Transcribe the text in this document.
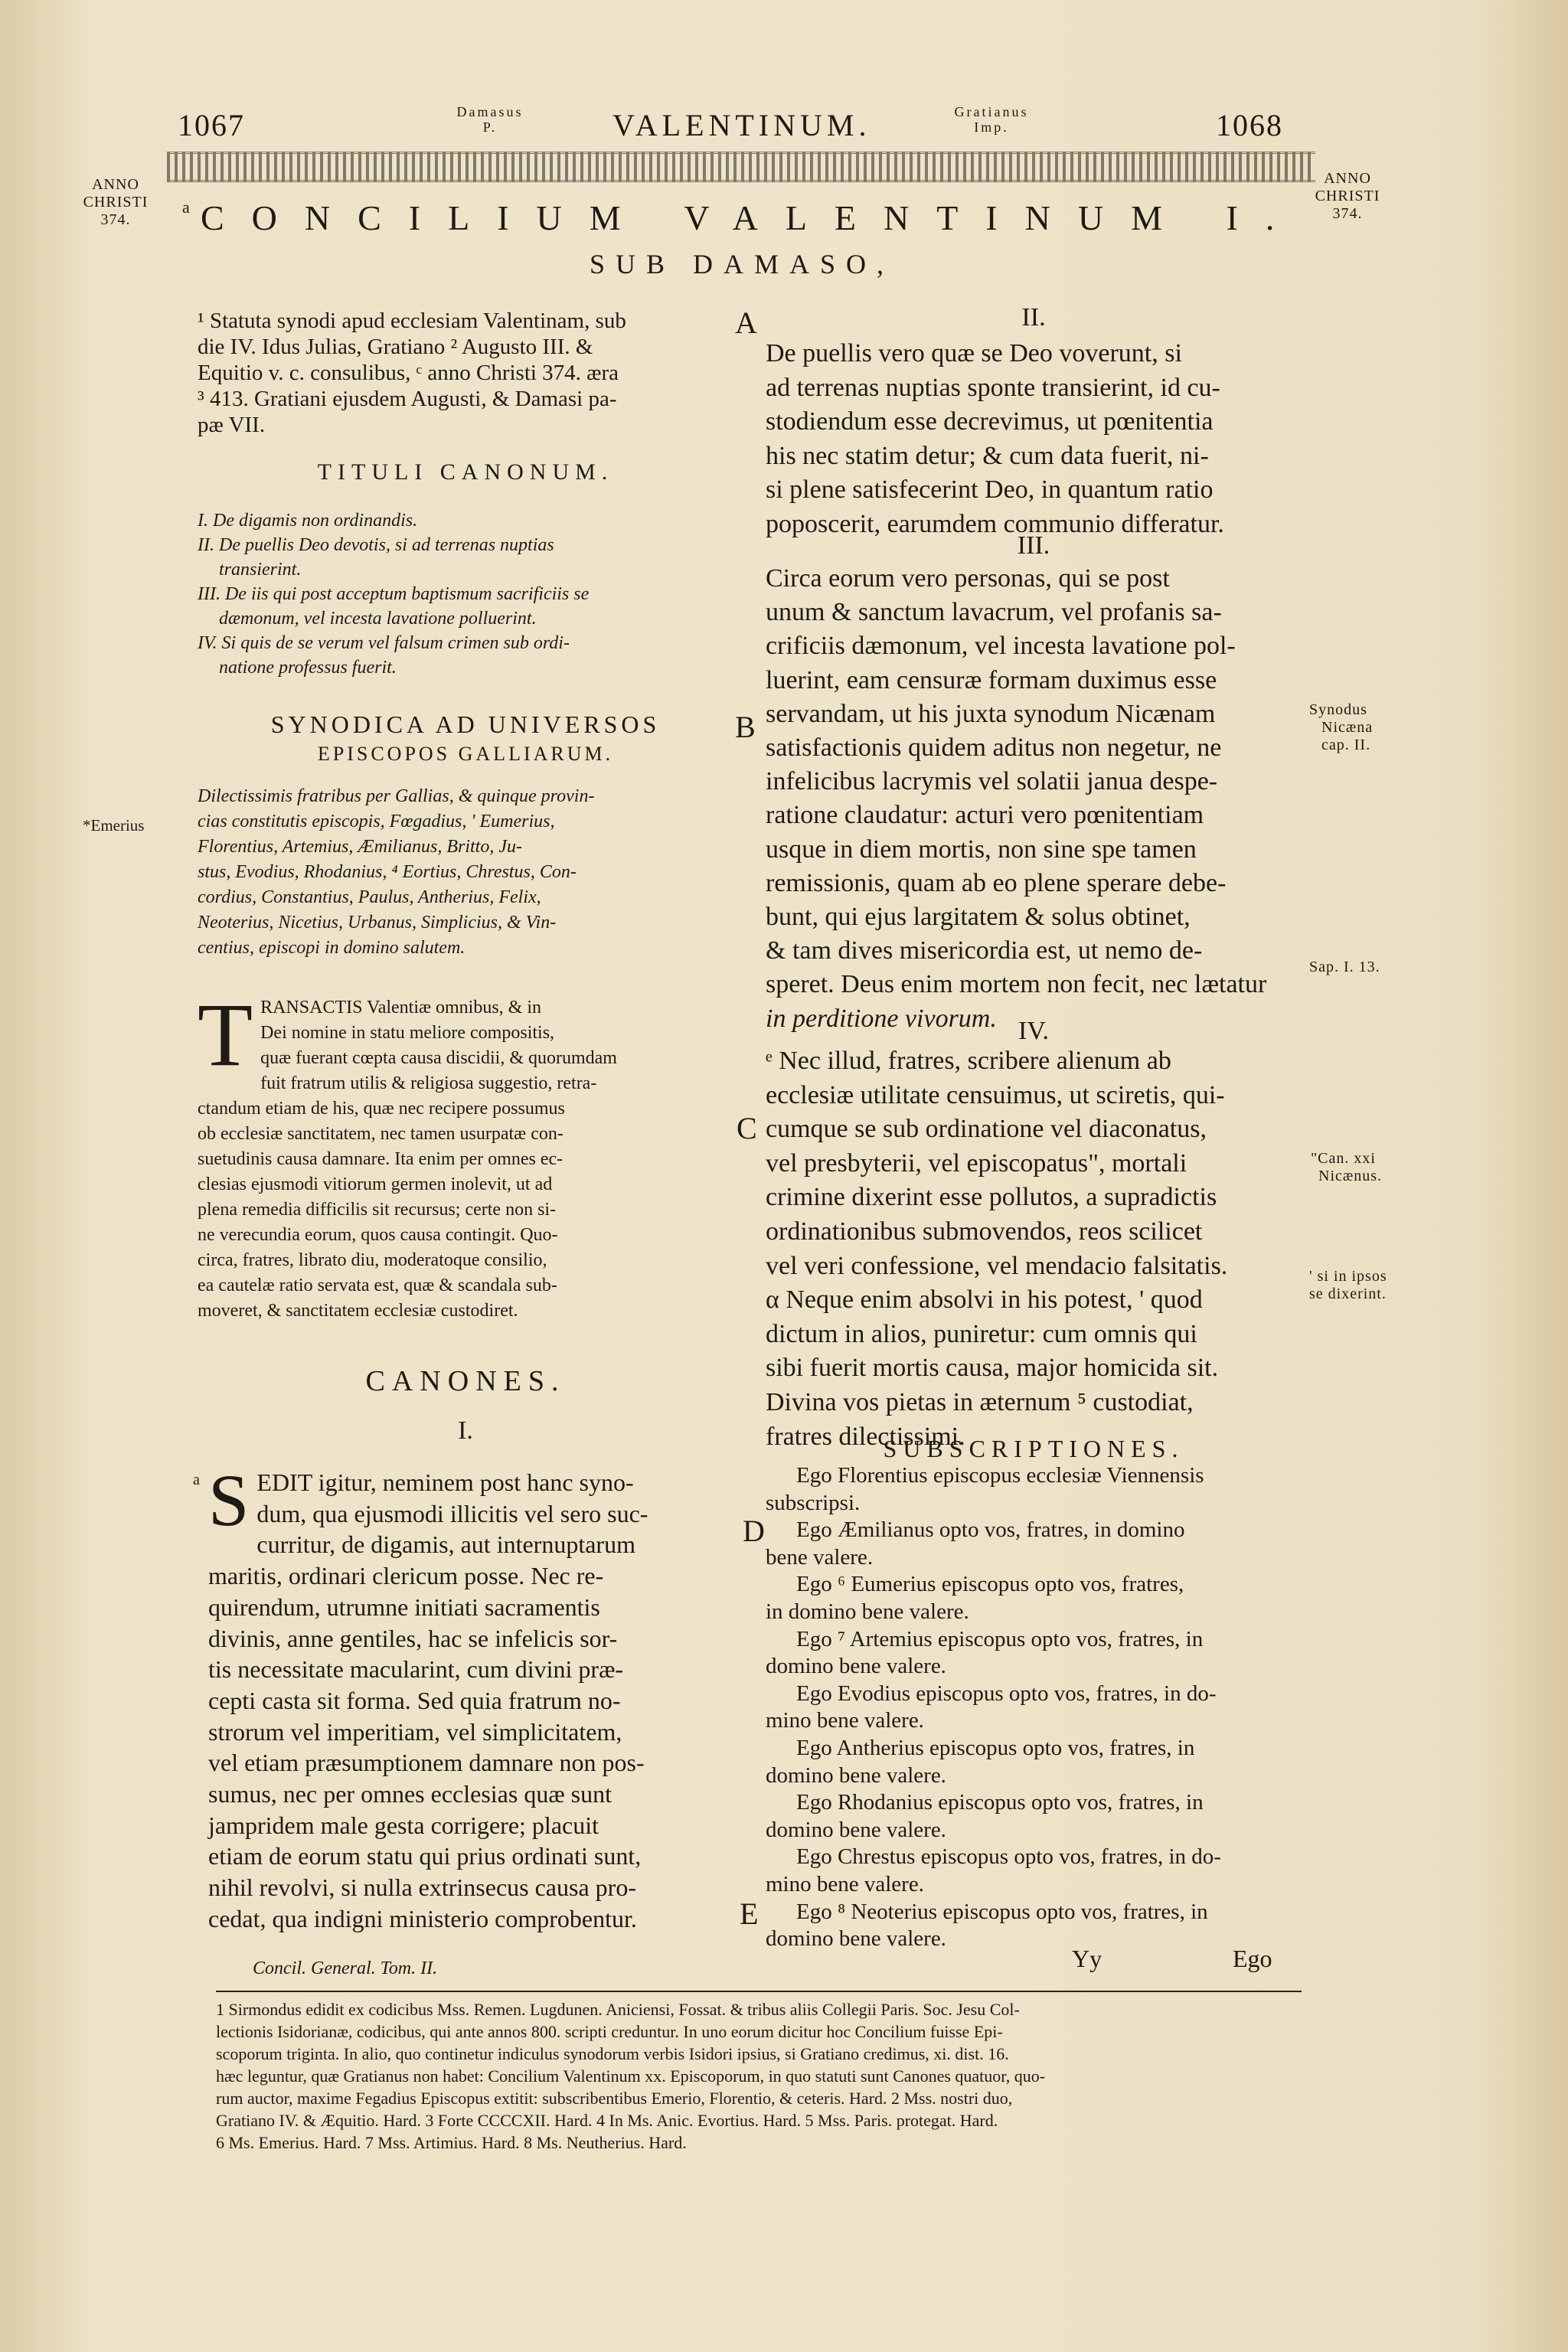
1067	Damasus
P.	VALENTINUM.	Gratianus
Imp.	1068
ANNO
CHRISTI
374.
ANNO
CHRISTI
374.
a CONCILIUM VALENTINUM I.
SUB DAMASO,

¹ Statuta synodi apud ecclesiam Valentinam, sub

die IV. Idus Julias, Gratiano ² Augusto III. &

Equitio v. c. consulibus, ᶜ anno Christi 374. æra

³ 413. Gratiani ejusdem Augusti, & Damasi pa-

pæ VII.

TITULI CANONUM.

I. De digamis non ordinandis.

II. De puellis Deo devotis, si ad terrenas nuptias

transierint.

III. De iis qui post acceptum baptismum sacrificiis se

dæmonum, vel incesta lavatione polluerint.

IV. Si quis de se verum vel falsum crimen sub ordi-

natione professus fuerit.

SYNODICA AD UNIVERSOS
EPISCOPOS GALLIARUM.

Dilectissimis fratribus per Gallias, & quinque provin-

cias constitutis episcopis, Fœgadius, ' Eumerius,

Florentius, Artemius, Æmilianus, Britto, Ju-

stus, Evodius, Rhodanius, ⁴ Eortius, Chrestus, Con-

cordius, Constantius, Paulus, Antherius, Felix,

Neoterius, Nicetius, Urbanus, Simplicius, & Vin-

centius, episcopi in domino salutem.

T RANSACTIS Valentiæ omnibus, & in

Dei nomine in statu meliore compositis,

quæ fuerant cœpta causa discidii, & quorumdam

fuit fratrum utilis & religiosa suggestio, retra-

ctandum etiam de his, quæ nec recipere possumus

ob ecclesiæ sanctitatem, nec tamen usurpatæ con-

suetudinis causa damnare. Ita enim per omnes ec-

clesias ejusmodi vitiorum germen inolevit, ut ad

plena remedia difficilis sit recursus; certe non si-

ne verecundia eorum, quos causa contingit. Quo-

circa, fratres, librato diu, moderatoque consilio,

ea cautelæ ratio servata est, quæ & scandala sub-

moveret, & sanctitatem ecclesiæ custodiret.

CANONES.
I.
a S EDIT igitur, neminem post hanc syno-

dum, qua ejusmodi illicitis vel sero suc-

curritur, de digamis, aut internuptarum

maritis, ordinari clericum posse. Nec re-

quirendum, utrumne initiati sacramentis

divinis, anne gentiles, hac se infelicis sor-

tis necessitate macularint, cum divini præ-

cepti casta sit forma. Sed quia fratrum no-

strorum vel imperitiam, vel simplicitatem,

vel etiam præsumptionem damnare non pos-

sumus, nec per omnes ecclesias quæ sunt

jampridem male gesta corrigere; placuit

etiam de eorum statu qui prius ordinati sunt,

nihil revolvi, si nulla extrinsecus causa pro-

cedat, qua indigni ministerio comprobentur.

Concil. General. Tom. II.
*Emerius
A
B
C
D
E
II.

De puellis vero quæ se Deo voverunt, si

ad terrenas nuptias sponte transierint, id cu-

stodiendum esse decrevimus, ut pœnitentia

his nec statim detur; & cum data fuerit, ni-

si plene satisfecerint Deo, in quantum ratio

poposcerit, earumdem communio differatur.

III.

Circa eorum vero personas, qui se post

unum & sanctum lavacrum, vel profanis sa-

crificiis dæmonum, vel incesta lavatione pol-

luerint, eam censuræ formam duximus esse

servandam, ut his juxta synodum Nicænam

satisfactionis quidem aditus non negetur, ne

infelicibus lacrymis vel solatii janua despe-

ratione claudatur: acturi vero pœnitentiam

usque in diem mortis, non sine spe tamen

remissionis, quam ab eo plene sperare debe-

bunt, qui ejus largitatem & solus obtinet,

& tam dives misericordia est, ut nemo de-

speret. Deus enim mortem non fecit, nec lætatur

in perditione vivorum. IV.

ᵉ Nec illud, fratres, scribere alienum ab

ecclesiæ utilitate censuimus, ut sciretis, qui-

cumque se sub ordinatione vel diaconatus,

vel presbyterii, vel episcopatus", mortali

crimine dixerint esse pollutos, a supradictis

ordinationibus submovendos, reos scilicet

vel veri confessione, vel mendacio falsitatis.

α Neque enim absolvi in his potest, ' quod

dictum in alios, puniretur: cum omnis qui

sibi fuerit mortis causa, major homicida sit.

Divina vos pietas in æternum ⁵ custodiat,

fratres dilectissimi.

SUBSCRIPTIONES.

Ego Florentius episcopus ecclesiæ Viennensis

subscripsi.

Ego Æmilianus opto vos, fratres, in domino

bene valere.

Ego ⁶ Eumerius episcopus opto vos, fratres,

in domino bene valere.

Ego ⁷ Artemius episcopus opto vos, fratres, in

domino bene valere.

Ego Evodius episcopus opto vos, fratres, in do-

mino bene valere.

Ego Antherius episcopus opto vos, fratres, in

domino bene valere.

Ego Rhodanius episcopus opto vos, fratres, in

domino bene valere.

Ego Chrestus episcopus opto vos, fratres, in do-

mino bene valere.

Ego ⁸ Neoterius episcopus opto vos, fratres, in

domino bene valere.

Yy	Ego
Synodus
Nicæna
cap. II.
Sap. I. 13.
"Can. xxi
Nicænus.
' si in ipsos
se dixerint.
1 Sirmondus edidit ex codicibus Mss. Remen. Lugdunen. Aniciensi, Fossat. & tribus aliis Collegii Paris. Soc. Jesu Col-
lectionis Isidorianæ, codicibus, qui ante annos 800. scripti creduntur. In uno eorum dicitur hoc Concilium fuisse Epi-
scoporum triginta. In alio, quo continetur indiculus synodorum verbis Isidori ipsius, si Gratiano credimus, xi. dist. 16.
hæc leguntur, quæ Gratianus non habet: Concilium Valentinum xx. Episcoporum, in quo statuti sunt Canones quatuor, quo-
rum auctor, maxime Fegadius Episcopus extitit: subscribentibus Emerio, Florentio, & ceteris. Hard. 2 Mss. nostri duo,
Gratiano IV. & Æquitio. Hard. 3 Forte CCCCXII. Hard. 4 In Ms. Anic. Evortius. Hard. 5 Mss. Paris. protegat. Hard.
6 Ms. Emerius. Hard. 7 Mss. Artimius. Hard. 8 Ms. Neutherius. Hard.
